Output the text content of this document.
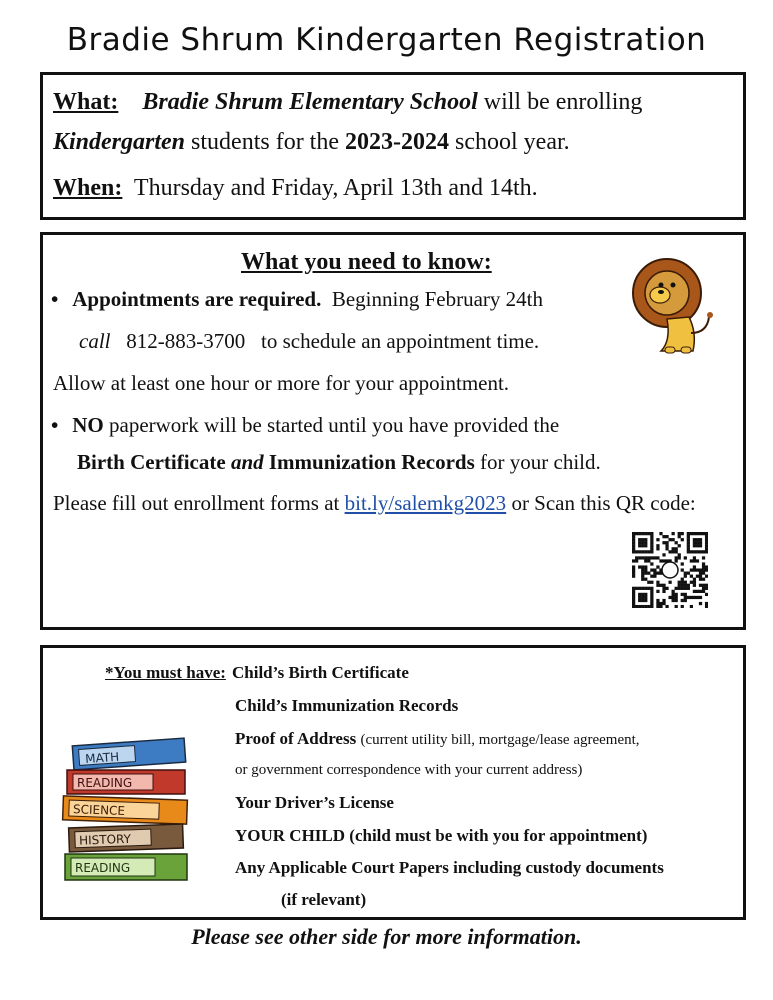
Bradie Shrum Kindergarten Registration
What: Bradie Shrum Elementary School will be enrolling
Kindergarten students for the 2023-2024 school year.
When: Thursday and Friday, April 13th and 14th.
What you need to know:
• Appointments are required. Beginning February 24th
call 812-883-3700 to schedule an appointment time.
Allow at least one hour or more for your appointment.
• NO paperwork will be started until you have provided the
Birth Certificate and Immunization Records for your child.
Please fill out enrollment forms at bit.ly/salemkg2023 or Scan this QR code:
*You must have: Child’s Birth Certificate
Child’s Immunization Records
Proof of Address (current utility bill, mortgage/lease agreement,
or government correspondence with your current address)
Your Driver’s License
YOUR CHILD (child must be with you for appointment)
Any Applicable Court Papers including custody documents
(if relevant)
MATH
READING
SCIENCE
HISTORY
READING
Please see other side for more information.
